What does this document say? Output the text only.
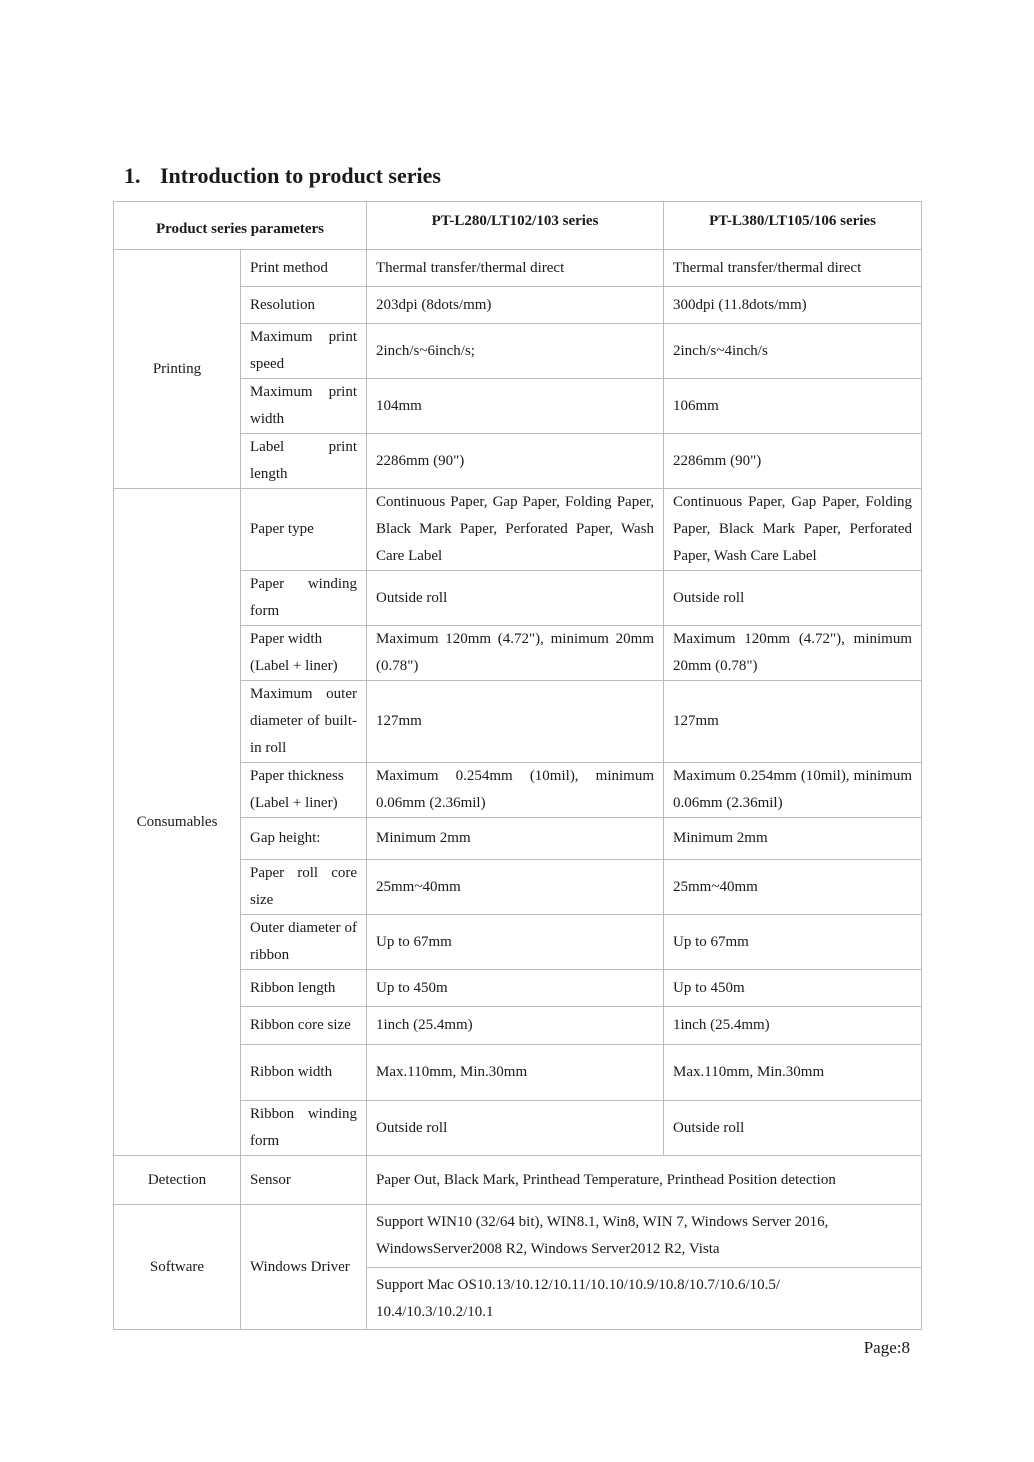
1. Introduction to product series
Product series parameters		PT-L280/LT102/103 series	PT-L380/LT105/106 series
Printing	Print method	Thermal transfer/thermal direct	Thermal transfer/thermal direct
	Resolution	203dpi (8dots/mm)	300dpi (11.8dots/mm)
	Maximum print speed	2inch/s~6inch/s;	2inch/s~4inch/s
	Maximum print width	104mm	106mm
	Label print length	2286mm (90")	2286mm (90")
Consumables	Paper type	Continuous Paper, Gap Paper, Folding Paper, Black Mark Paper, Perforated Paper, Wash Care Label	Continuous Paper, Gap Paper, Folding Paper, Black Mark Paper, Perforated Paper, Wash Care Label
	Paper winding form	Outside roll	Outside roll
	Paper width (Label + liner)	Maximum 120mm (4.72"), minimum 20mm (0.78")	Maximum 120mm (4.72"), minimum 20mm (0.78")
	Maximum outer diameter of built-in roll	127mm	127mm
	Paper thickness (Label + liner)	Maximum 0.254mm (10mil), minimum 0.06mm (2.36mil)	Maximum 0.254mm (10mil), minimum 0.06mm (2.36mil)
	Gap height:	Minimum 2mm	Minimum 2mm
	Paper roll core size	25mm~40mm	25mm~40mm
	Outer diameter of ribbon	Up to 67mm	Up to 67mm
	Ribbon length	Up to 450m	Up to 450m
	Ribbon core size	1inch (25.4mm)	1inch (25.4mm)
	Ribbon width	Max.110mm, Min.30mm	Max.110mm, Min.30mm
	Ribbon winding form	Outside roll	Outside roll
Detection	Sensor	Paper Out, Black Mark, Printhead Temperature, Printhead Position detection	
Software	Windows Driver	Support WIN10 (32/64 bit), WIN8.1, Win8, WIN 7, Windows Server 2016, WindowsServer2008 R2, Windows Server2012 R2, Vista	
		Support Mac OS10.13/10.12/10.11/10.10/10.9/10.8/10.7/10.6/10.5/ 10.4/10.3/10.2/10.1	
Page:8
